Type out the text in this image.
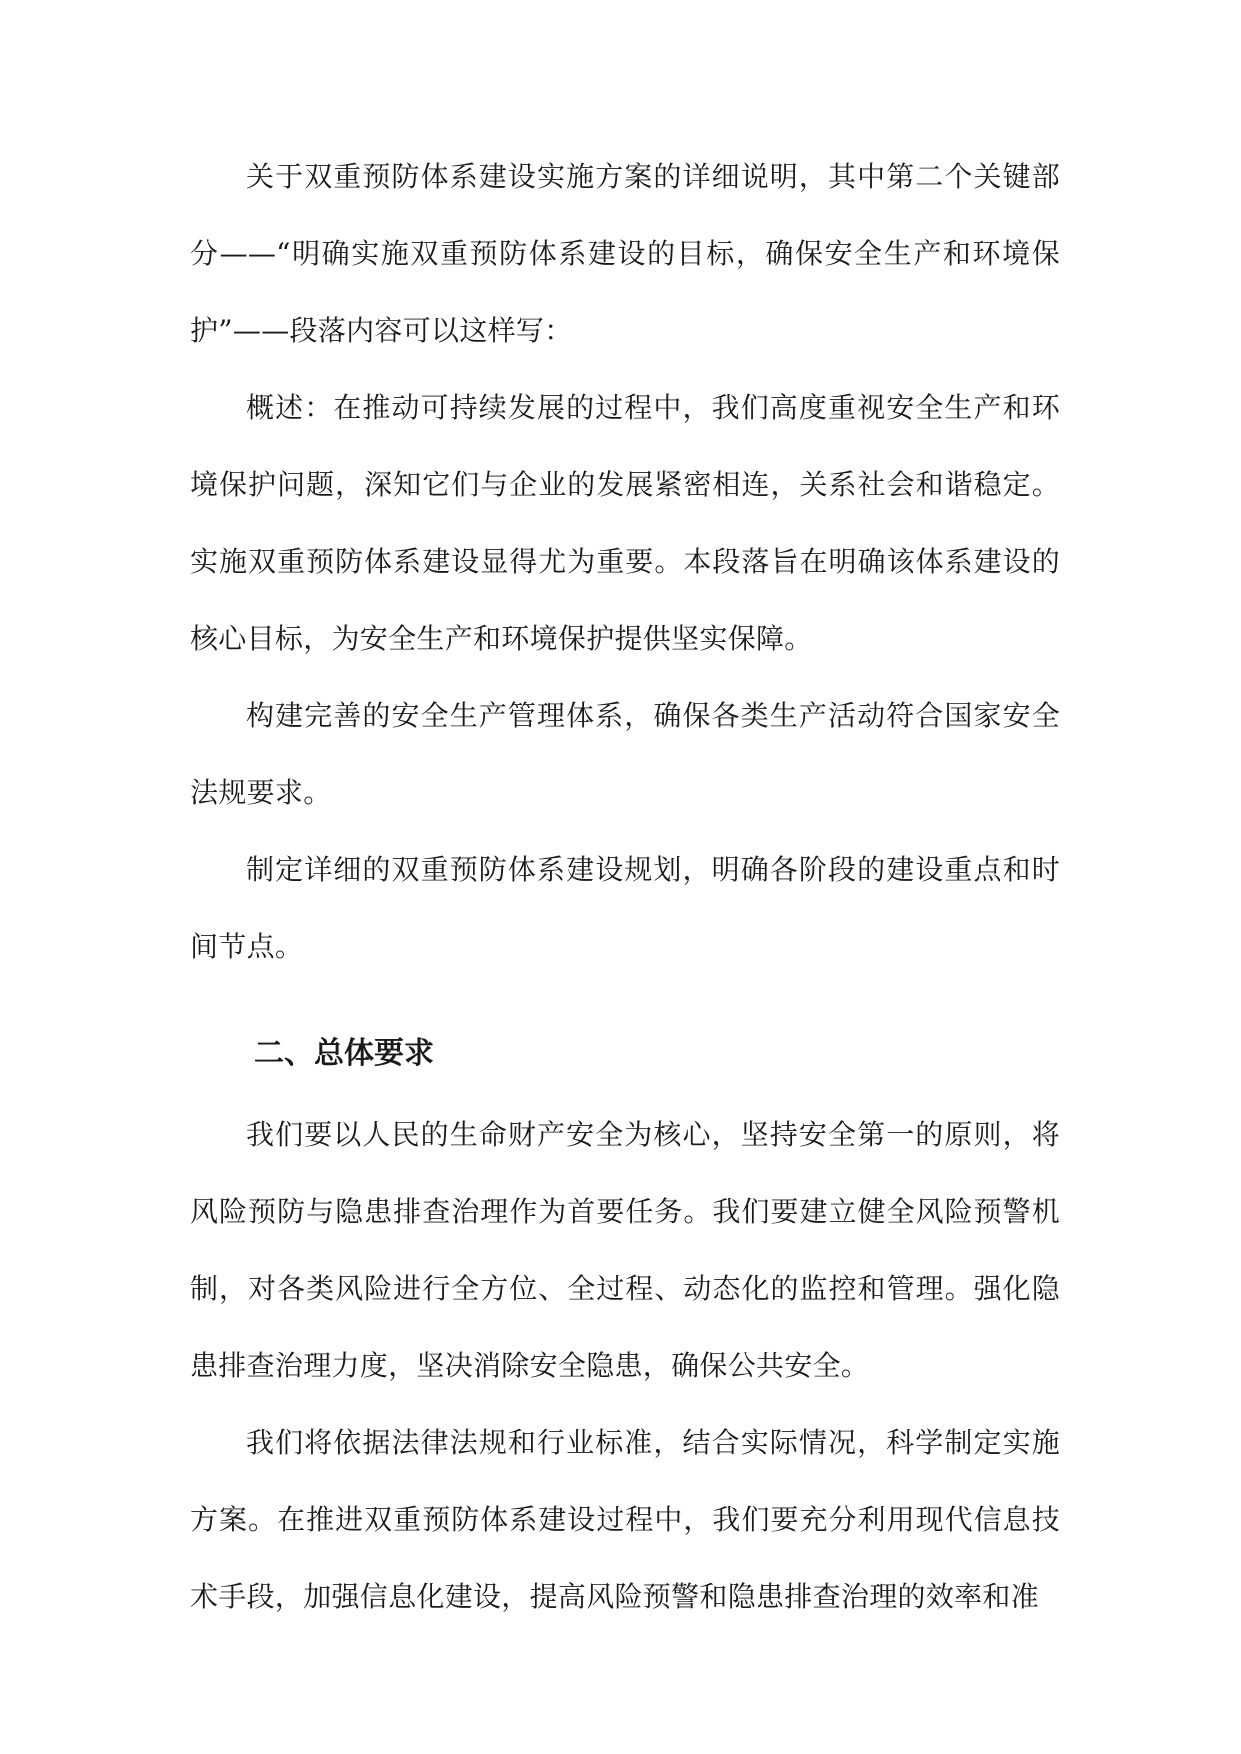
关于双重预防体系建设实施方案的详细说明，其中第二个关键部分——“明确实施双重预防体系建设的目标，确保安全生产和环境保护”——段落内容可以这样写：

概述：在推动可持续发展的过程中，我们高度重视安全生产和环境保护问题，深知它们与企业的发展紧密相连，关系社会和谐稳定。实施双重预防体系建设显得尤为重要。本段落旨在明确该体系建设的核心目标，为安全生产和环境保护提供坚实保障。

构建完善的安全生产管理体系，确保各类生产活动符合国家安全法规要求。

制定详细的双重预防体系建设规划，明确各阶段的建设重点和时间节点。

二、总体要求

我们要以人民的生命财产安全为核心，坚持安全第一的原则，将风险预防与隐患排查治理作为首要任务。我们要建立健全风险预警机制，对各类风险进行全方位、全过程、动态化的监控和管理。强化隐患排查治理力度，坚决消除安全隐患，确保公共安全。

我们将依据法律法规和行业标准，结合实际情况，科学制定实施方案。在推进双重预防体系建设过程中，我们要充分利用现代信息技术手段，加强信息化建设，提高风险预警和隐患排查治理的效率和准
